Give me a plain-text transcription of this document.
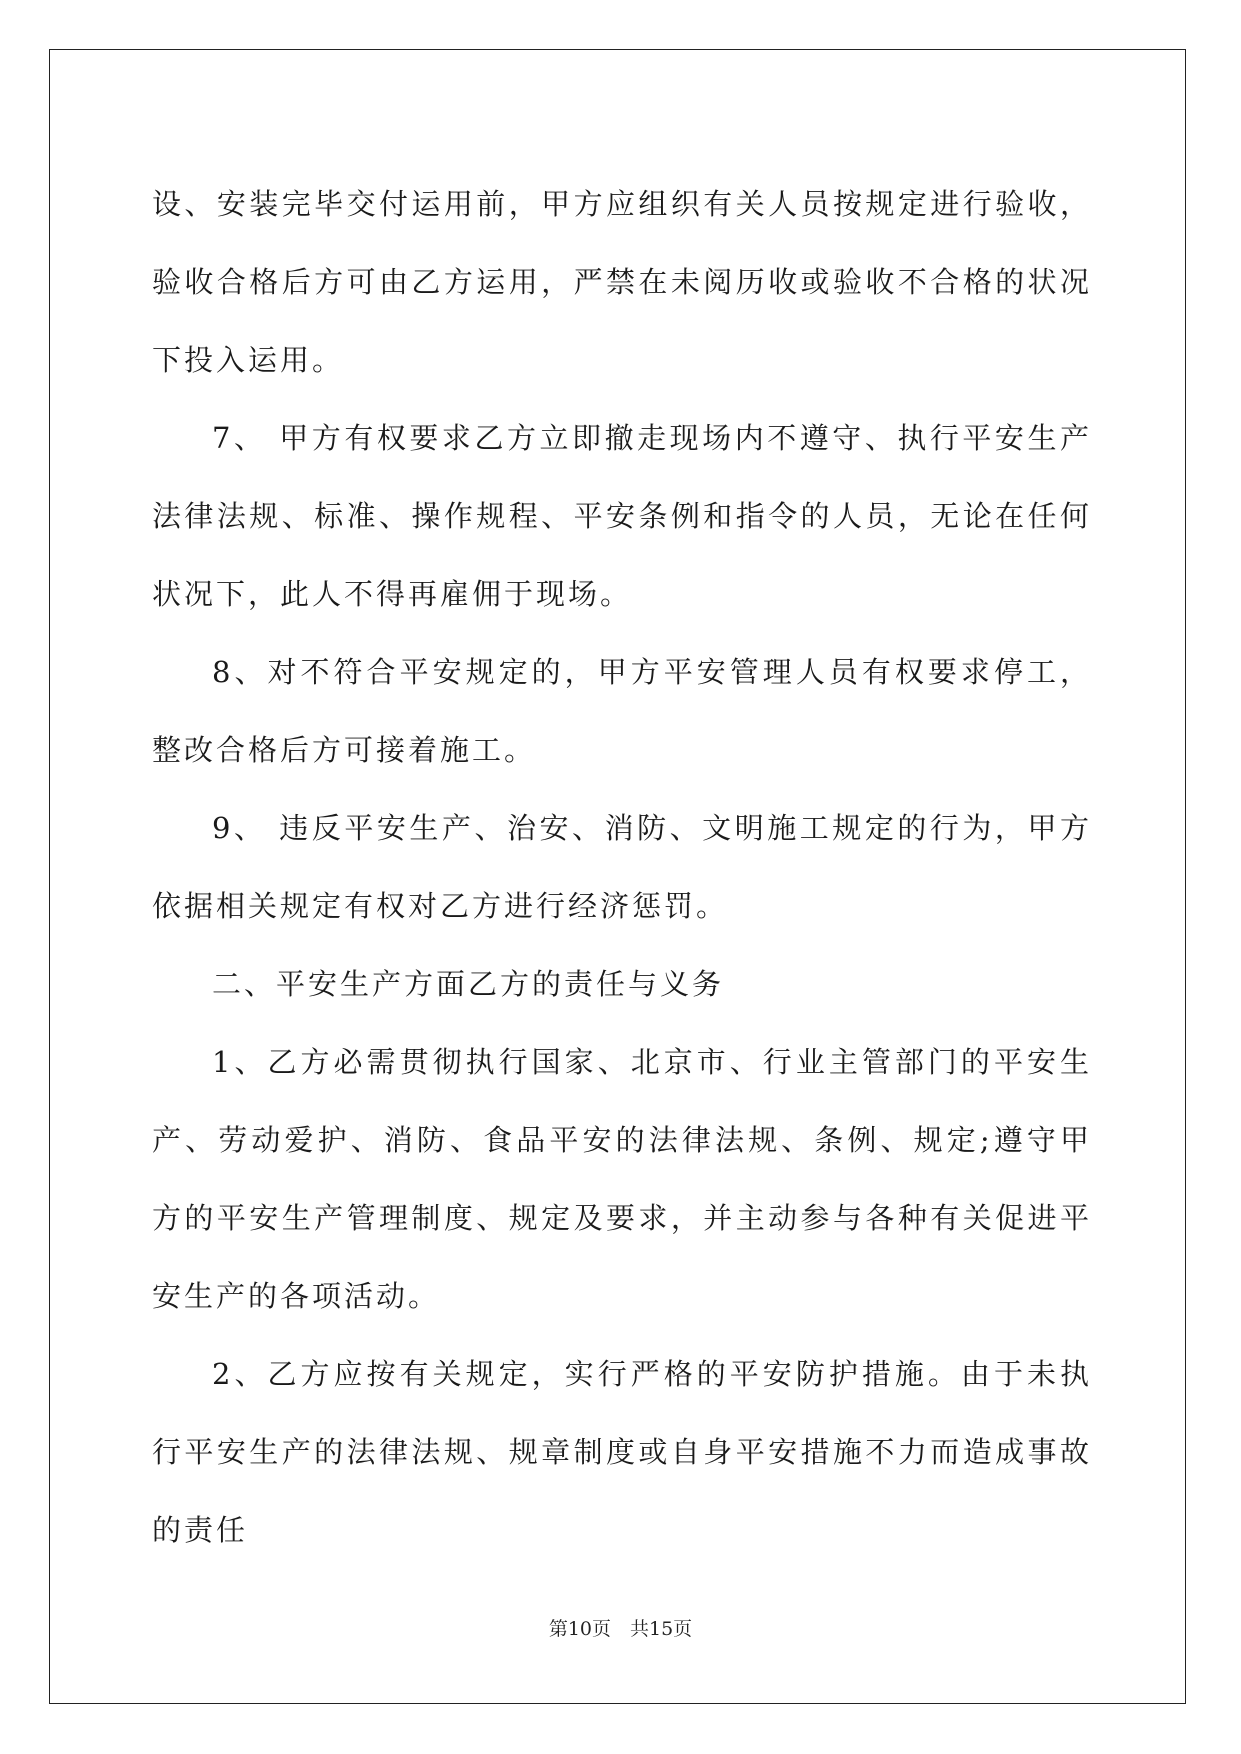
设、安装完毕交付运用前，甲方应组织有关人员按规定进行验收，验收合格后方可由乙方运用，严禁在未阅历收或验收不合格的状况下投入运用。

7、 甲方有权要求乙方立即撤走现场内不遵守、执行平安生产法律法规、标准、操作规程、平安条例和指令的人员，无论在任何状况下，此人不得再雇佣于现场。

8、对不符合平安规定的，甲方平安管理人员有权要求停工，整改合格后方可接着施工。

9、 违反平安生产、治安、消防、文明施工规定的行为，甲方依据相关规定有权对乙方进行经济惩罚。

二、平安生产方面乙方的责任与义务

1、乙方必需贯彻执行国家、北京市、行业主管部门的平安生产、劳动爱护、消防、食品平安的法律法规、条例、规定;遵守甲方的平安生产管理制度、规定及要求，并主动参与各种有关促进平安生产的各项活动。

2、乙方应按有关规定，实行严格的平安防护措施。由于未执行平安生产的法律法规、规章制度或自身平安措施不力而造成事故的责任

第10页　共15页
